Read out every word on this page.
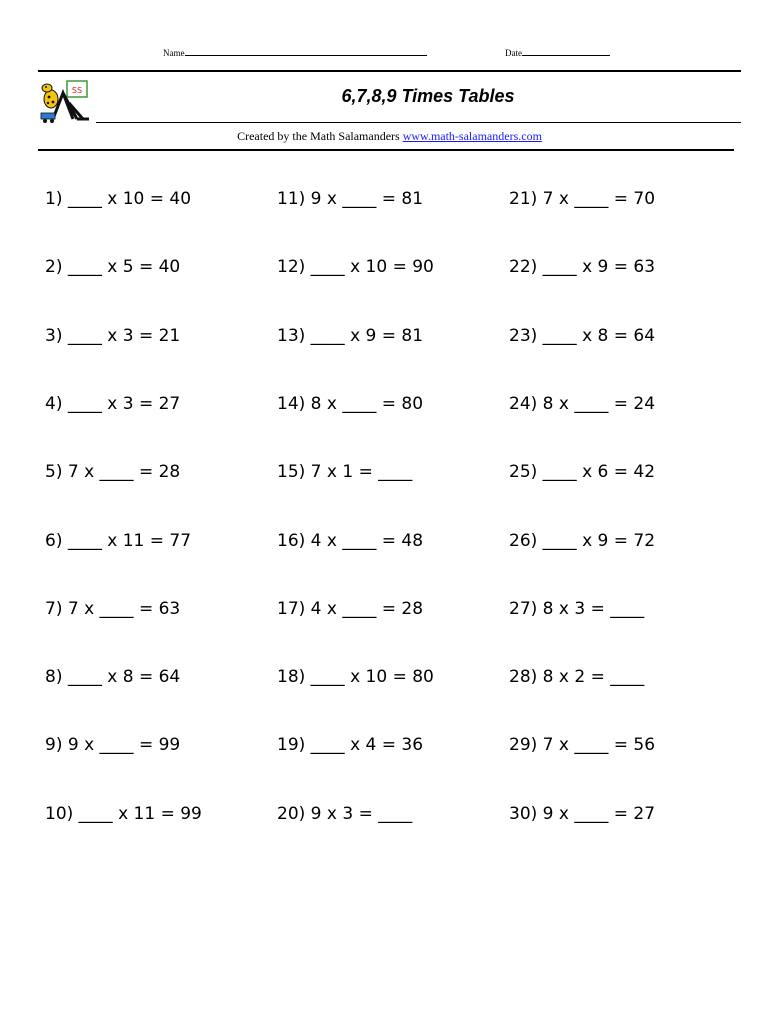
Name	Date
SS	6,7,8,9 Times Tables
Created by the Math Salamanders www.math-salamanders.com
1) ____ x 10 = 40
2) ____ x 5 = 40
3) ____ x 3 = 21
4) ____ x 3 = 27
5) 7 x ____ = 28
6) ____ x 11 = 77
7) 7 x ____ = 63
8) ____ x 8 = 64
9) 9 x ____ = 99
10) ____ x 11 = 99
11) 9 x ____ = 81
12) ____ x 10 = 90
13) ____ x 9 = 81
14) 8 x ____ = 80
15) 7 x 1 = ____
16) 4 x ____ = 48
17) 4 x ____ = 28
18) ____ x 10 = 80
19) ____ x 4 = 36
20) 9 x 3 = ____
21) 7 x ____ = 70
22) ____ x 9 = 63
23) ____ x 8 = 64
24) 8 x ____ = 24
25) ____ x 6 = 42
26) ____ x 9 = 72
27) 8 x 3 = ____
28) 8 x 2 = ____
29) 7 x ____ = 56
30) 9 x ____ = 27
